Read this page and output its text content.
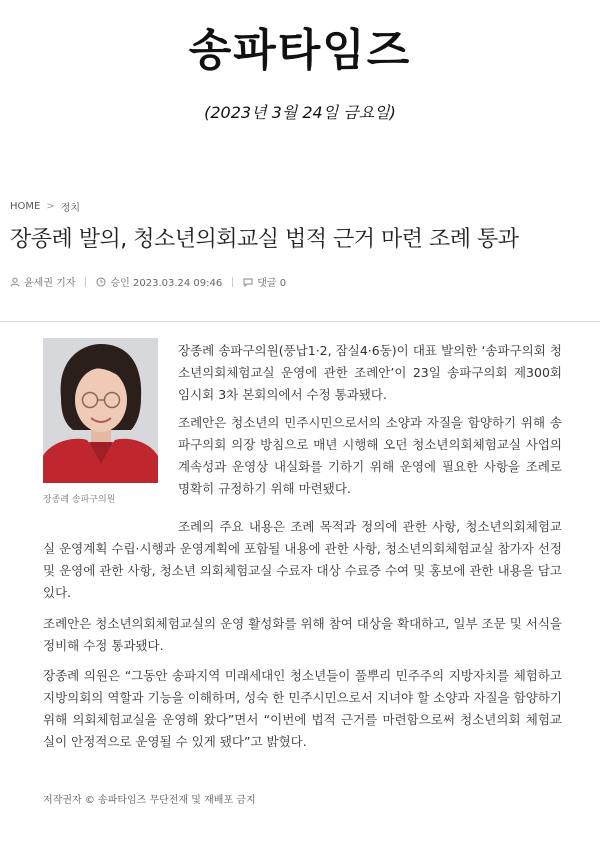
송파타임즈
(2023년 3월 24일 금요일)
HOME > 정치
장종례 발의, 청소년의회교실 법적 근거 마련 조례 통과
윤세권 기자	승인 2023.03.24 09:46	댓글 0
장종례 송파구의원

장종례 송파구의원(풍납1·2, 잠실4·6동)이 대표 발의한 ‘송파구의회 청소년의회체험교실 운영에 관한 조례안’이 23일 송파구의회 제300회 임시회 3차 본회의에서 수정 통과됐다.

조례안은 청소년의 민주시민으로서의 소양과 자질을 함양하기 위해 송파구의회 의장 방침으로 매년 시행해 오던 청소년의회체험교실 사업의 계속성과 운영상 내실화를 기하기 위해 운영에 필요한 사항을 조례로 명확히 규정하기 위해 마련됐다.

조례의 주요 내용은 조례 목적과 정의에 관한 사항, 청소년의회체험교실 운영계획 수립·시행과 운영계획에 포함될 내용에 관한 사항, 청소년의회체험교실 참가자 선정 및 운영에 관한 사항, 청소년 의회체험교실 수료자 대상 수료증 수여 및 홍보에 관한 내용을 담고 있다.

조례안은 청소년의회체험교실의 운영 활성화를 위해 참여 대상을 확대하고, 일부 조문 및 서식을 정비해 수정 통과됐다.

장종례 의원은 “그동안 송파지역 미래세대인 청소년들이 풀뿌리 민주주의 지방자치를 체험하고 지방의회의 역할과 기능을 이해하며, 성숙 한 민주시민으로서 지녀야 할 소양과 자질을 함양하기 위해 의회체험교실을 운영해 왔다”면서 “이번에 법적 근거를 마련함으로써 청소년의회 체험교실이 안정적으로 운영될 수 있게 됐다”고 밝혔다.

저작권자 © 송파타임즈 무단전재 및 재배포 금지
